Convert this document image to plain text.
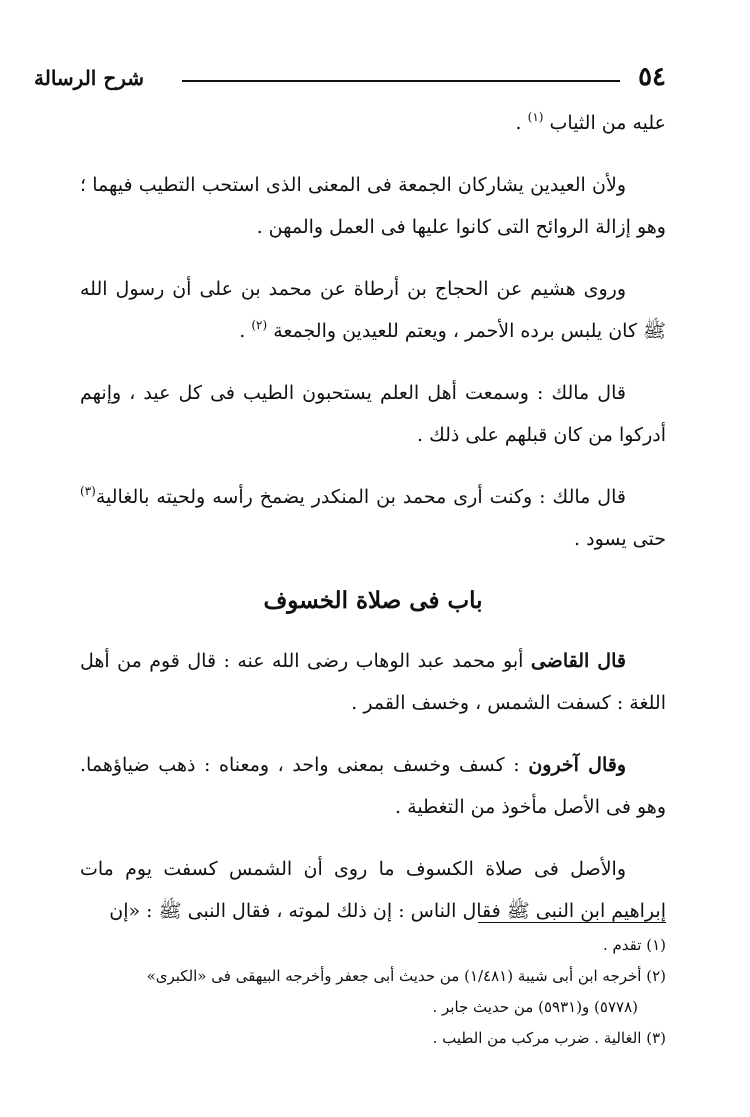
٥٤
شرح الرسالة

عليه من الثياب $^{(١)}$ .

ولأن العيدين يشاركان الجمعة فى المعنى الذى استحب التطيب فيهما ؛ وهو إزالة الروائح التى كانوا عليها فى العمل والمهن .

وروى هشيم عن الحجاج بن أرطاة عن محمد بن على أن رسول الله ﷺ كان يلبس برده الأحمر ، ويعتم للعيدين والجمعة $^{(٢)}$ .

قال مالك : وسمعت أهل العلم يستحبون الطيب فى كل عيد ، وإنهم أدركوا من كان قبلهم على ذلك .

قال مالك : وكنت أرى محمد بن المنكدر يضمخ رأسه ولحيته بالغالية$^{(٣)}$ حتى يسود .

باب فى صلاة الخسوف

قال القاضى أبو محمد عبد الوهاب رضى الله عنه : قال قوم من أهل اللغة : كسفت الشمس ، وخسف القمر .

وقال آخرون : كسف وخسف بمعنى واحد ، ومعناه : ذهب ضياؤهما. وهو فى الأصل مأخوذ من التغطية .

والأصل فى صلاة الكسوف ما روى أن الشمس كسفت يوم مات إبراهيم ابن النبى ﷺ فقال الناس : إن ذلك لموته ، فقال النبى ﷺ : «إن

(١) تقدم .

(٢) أخرجه ابن أبى شيبة (١/٤٨١) من حديث أبى جعفر وأخرجه البيهقى فى «الكبرى»

(٥٧٧٨) و(٥٩٣١) من حديث جابر .

(٣) الغالية . ضرب مركب من الطيب .
